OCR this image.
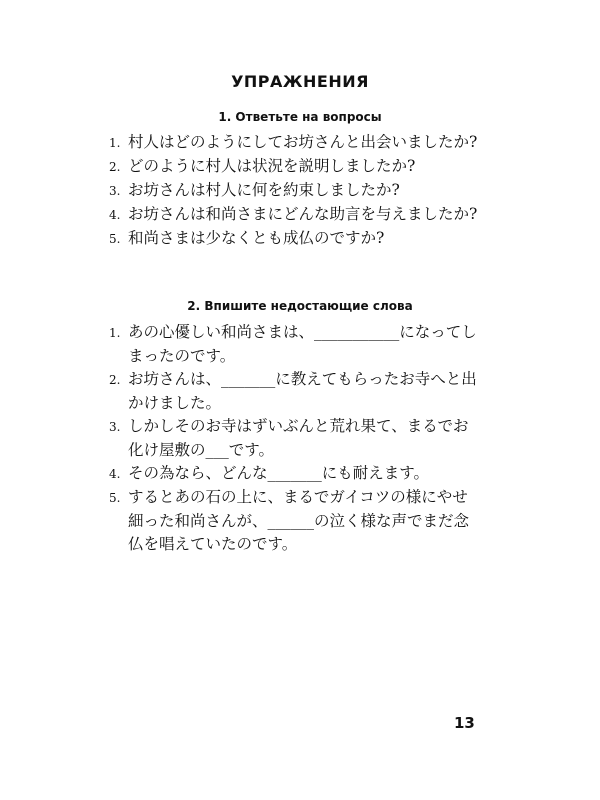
УПРАЖНЕНИЯ
1. Ответьте на вопросы
1. 村人はどのようにしてお坊さんと出会いましたか?
2. どのように村人は状況を説明しましたか?
3. お坊さんは村人に何を約束しましたか?
4. お坊さんは和尚さまにどんな助言を与えましたか?
5. 和尚さまは少なくとも成仏のですか?
2. Впишите недостающие слова
1. あの心優しい和尚さまは、___________になってしまったのです。
2. お坊さんは、_______に教えてもらったお寺へと出かけました。
3. しかしそのお寺はずいぶんと荒れ果て、まるでお化け屋敷の___です。
4. その為なら、どんな_______にも耐えます。
5. するとあの石の上に、まるでガイコツの様にやせ細った和尚さんが、______の泣く様な声でまだ念仏を唱えていたのです。
13
